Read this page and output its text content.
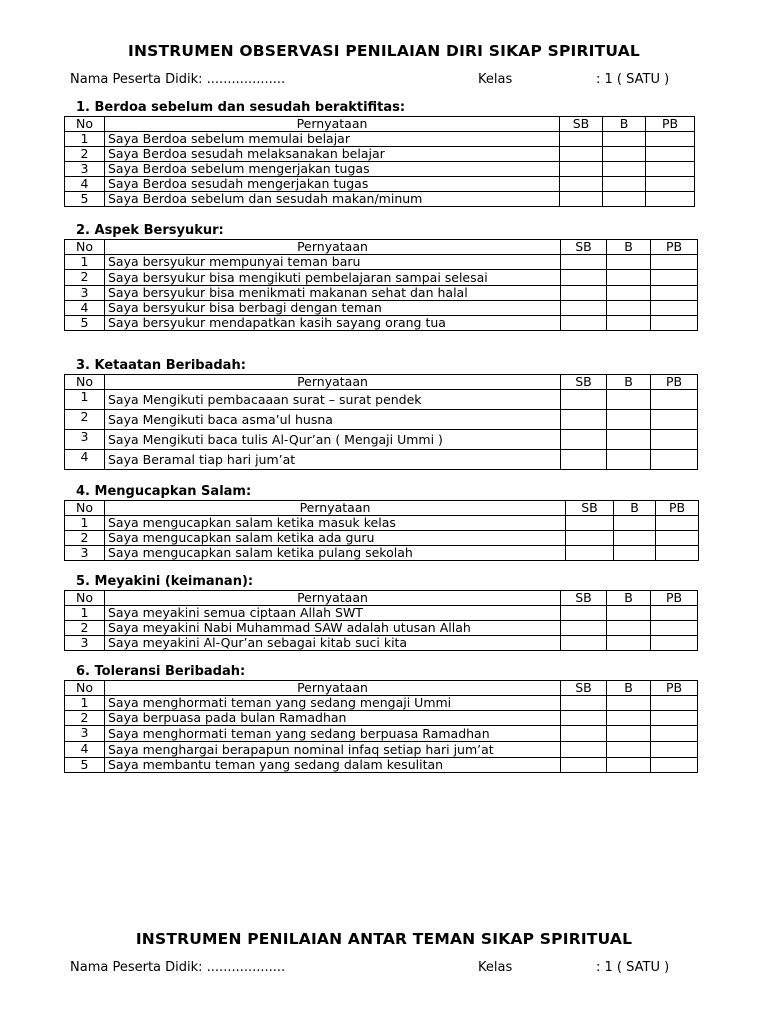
INSTRUMEN OBSERVASI PENILAIAN DIRI SIKAP SPIRITUAL
Nama Peserta Didik: ...................	Kelas	: 1 ( SATU )
1. Berdoa sebelum dan sesudah beraktifitas:
No	Pernyataan	SB	B	PB
1	Saya Berdoa sebelum memulai belajar			
2	Saya Berdoa sesudah melaksanakan belajar			
3	Saya Berdoa sebelum mengerjakan tugas			
4	Saya Berdoa sesudah mengerjakan tugas			
5	Saya Berdoa sebelum dan sesudah makan/minum			
2. Aspek Bersyukur:
No	Pernyataan	SB	B	PB
1	Saya bersyukur mempunyai teman baru			
2	Saya bersyukur bisa mengikuti pembelajaran sampai selesai			
3	Saya bersyukur bisa menikmati makanan sehat dan halal			
4	Saya bersyukur bisa berbagi dengan teman			
5	Saya bersyukur mendapatkan kasih sayang orang tua			
3. Ketaatan Beribadah:
No	Pernyataan	SB	B	PB
1	Saya Mengikuti pembacaaan surat – surat pendek			
2	Saya Mengikuti baca asma’ul husna			
3	Saya Mengikuti baca tulis Al-Qur’an ( Mengaji Ummi )			
4	Saya Beramal tiap hari jum’at			
4. Mengucapkan Salam:
No	Pernyataan	SB	B	PB
1	Saya mengucapkan salam ketika masuk kelas			
2	Saya mengucapkan salam ketika ada guru			
3	Saya mengucapkan salam ketika pulang sekolah			
5. Meyakini (keimanan):
No	Pernyataan	SB	B	PB
1	Saya meyakini semua ciptaan Allah SWT			
2	Saya meyakini Nabi Muhammad SAW adalah utusan Allah			
3	Saya meyakini Al-Qur’an sebagai kitab suci kita			
6. Toleransi Beribadah:
No	Pernyataan	SB	B	PB
1	Saya menghormati teman yang sedang mengaji Ummi			
2	Saya berpuasa pada bulan Ramadhan			
3	Saya menghormati teman yang sedang berpuasa Ramadhan			
4	Saya menghargai berapapun nominal infaq setiap hari jum’at			
5	Saya membantu teman yang sedang dalam kesulitan			
INSTRUMEN PENILAIAN ANTAR TEMAN SIKAP SPIRITUAL
Nama Peserta Didik: ...................	Kelas	: 1 ( SATU )
